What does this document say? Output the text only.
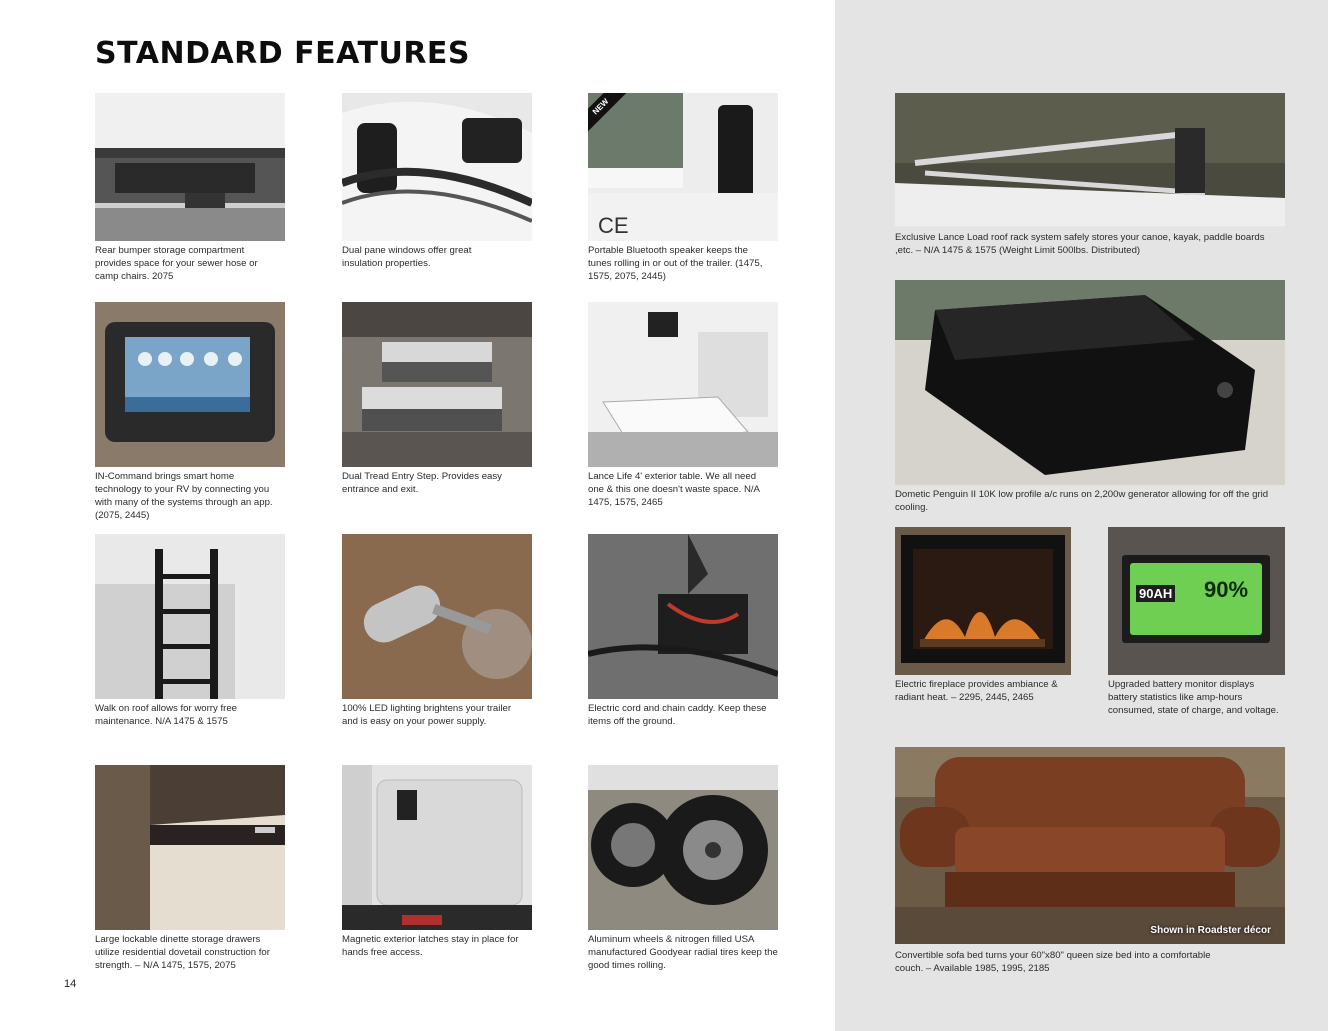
STANDARD FEATURES
14
Rear bumper storage compartment provides space for your sewer hose or camp chairs. 2075
Dual pane windows offer great insulation properties.
CE
NEW
Portable Bluetooth speaker keeps the tunes rolling in or out of the trailer. (1475, 1575, 2075, 2445)
IN-Command brings smart home technology to your RV by connecting you with many of the systems through an app. (2075, 2445)
Dual Tread Entry Step. Provides easy entrance and exit.
Lance Life 4' exterior table. We all need one & this one doesn't waste space. N/A 1475, 1575, 2465
Walk on roof allows for worry free maintenance. N/A 1475 & 1575
100% LED lighting brightens your trailer and is easy on your power supply.
Electric cord and chain caddy. Keep these items off the ground.
Large lockable dinette storage drawers utilize residential dovetail construction for strength. – N/A 1475, 1575, 2075
Magnetic exterior latches stay in place for hands free access.
Aluminum wheels & nitrogen filled USA manufactured Goodyear radial tires keep the good times rolling.
Exclusive Lance Load roof rack system safely stores your canoe, kayak, paddle boards ,etc. – N/A 1475 & 1575 (Weight Limit 500lbs. Distributed)
Dometic Penguin II 10K low profile a/c runs on 2,200w generator allowing for off the grid cooling.
Electric fireplace provides ambiance & radiant heat. – 2295, 2445, 2465
90AH 90%
Upgraded battery monitor displays battery statistics like amp-hours consumed, state of charge, and voltage.
Shown in Roadster décor
Convertible sofa bed turns your 60"x80" queen size bed into a comfortable couch. – Available 1985, 1995, 2185
